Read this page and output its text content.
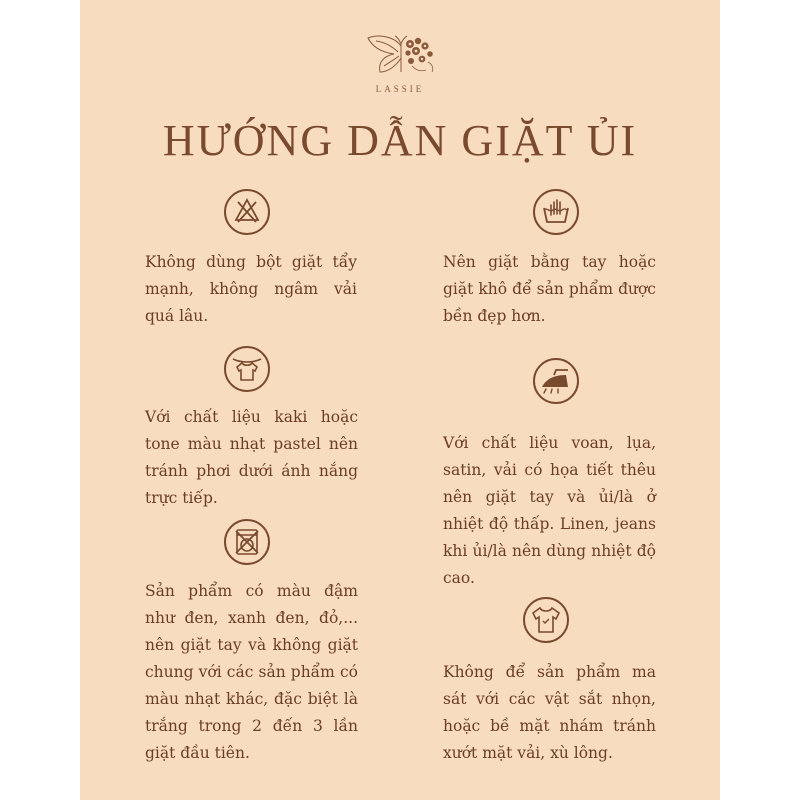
LASSIE
HƯỚNG DẪN GIẶT ỦI

Không dùng bột giặt tẩy mạnh, không ngâm vải quá lâu.

Nên giặt bằng tay hoặc giặt khô để sản phẩm được bền đẹp hơn.

Với chất liệu kaki hoặc tone màu nhạt pastel nên tránh phơi dưới ánh nắng trực tiếp.

Với chất liệu voan, lụa, satin, vải có họa tiết thêu nên giặt tay và ủi/là ở nhiệt độ thấp. Linen, jeans khi ủi/là nên dùng nhiệt độ cao.

Sản phẩm có màu đậm như đen, xanh đen, đỏ,... nên giặt tay và không giặt chung với các sản phẩm có màu nhạt khác, đặc biệt là trắng trong 2 đến 3 lần giặt đầu tiên.

Không để sản phẩm ma sát với các vật sắt nhọn, hoặc bề mặt nhám tránh xướt mặt vải, xù lông.
